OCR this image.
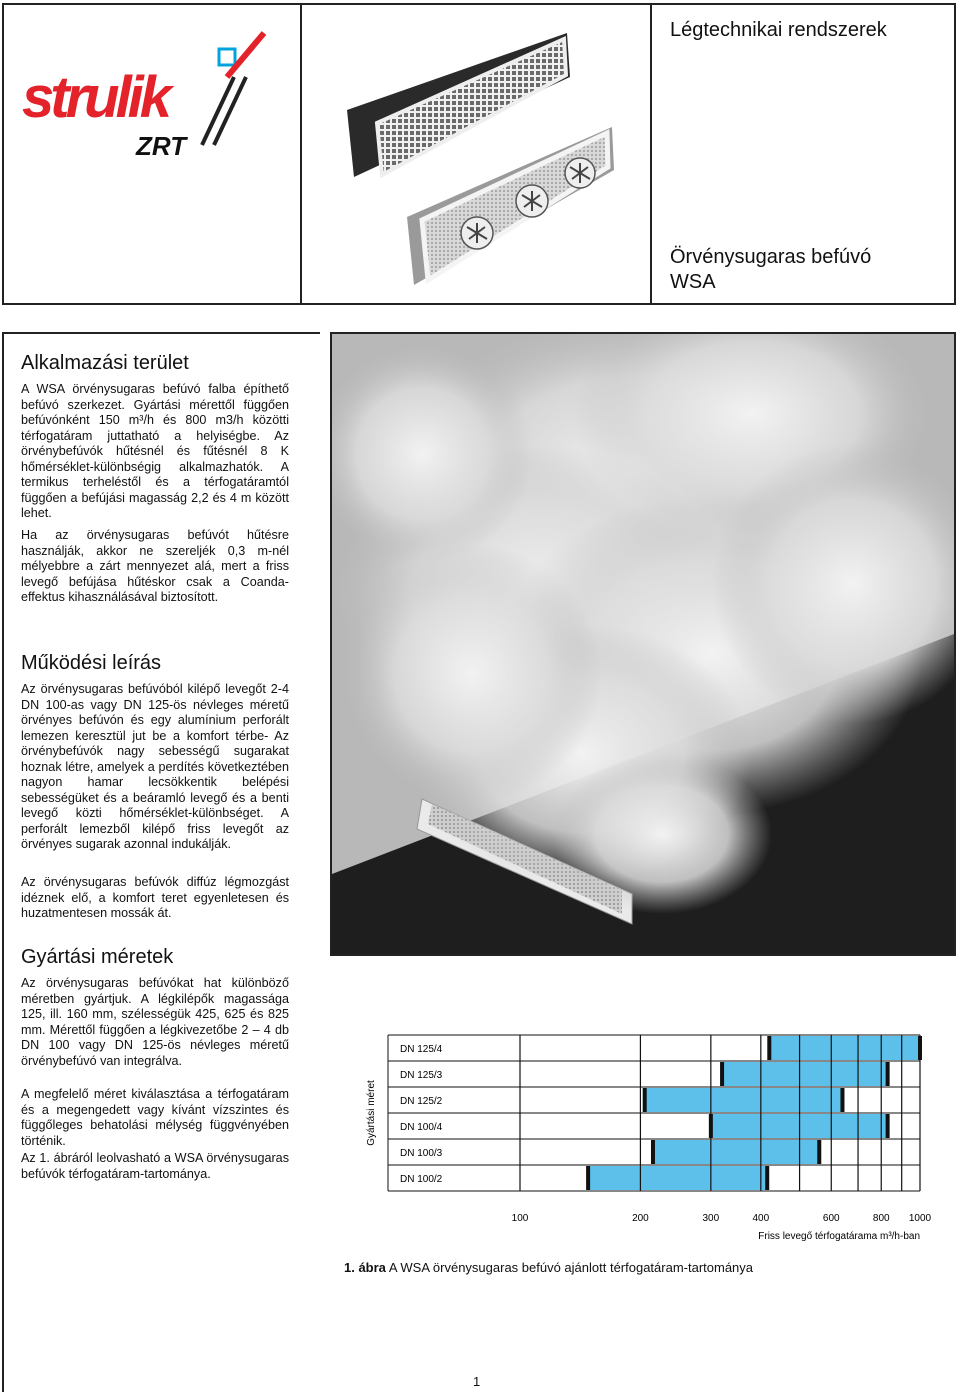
strulik
ZRT
Légtechnikai rendszerek
Örvénysugaras befúvó
WSA
Alkalmazási terület

A WSA örvénysugaras befúvó falba építhető befúvó szerkezet. Gyártási mérettől függően befúvónként 150 m³/h és 800 m3/h közötti térfogatáram juttatható a helyiségbe. Az örvénybefúvók hűtésnél és fűtésnél 8 K hőmérséklet-különbségig alkalmazhatók. A termikus terheléstől és a térfogatáramtól függően a befújási magasság 2,2 és 4 m között lehet.

Ha az örvénysugaras befúvót hűtésre használják, akkor ne szereljék 0,3 m-nél mélyebbre a zárt mennyezet alá, mert a friss levegő befújása hűtéskor csak a Coanda-effektus kihasználásával biztosított.

Működési leírás

Az örvénysugaras befúvóból kilépő levegőt 2-4 DN 100-as vagy DN 125-ös névleges méretű örvényes befúvón és egy alumínium perforált lemezen keresztül jut be a komfort térbe- Az örvénybefúvók nagy sebességű sugarakat hoznak létre, amelyek a perdítés következtében nagyon hamar lecsökkentik belépési sebességüket és a beáramló levegő és a benti levegő közti hőmérséklet-különbséget. A perforált lemezből kilépő friss levegőt az örvényes sugarak azonnal indukálják.

Az örvénysugaras befúvók diffúz légmozgást idéznek elő, a komfort teret egyenletesen és huzatmentesen mossák át.

Gyártási méretek

Az örvénysugaras befúvókat hat különböző méretben gyártjuk. A légkilépők magassága 125, ill. 160 mm, szélességük 425, 625 és 825 mm. Mérettől függően a légkivezetőbe 2 – 4 db DN 100 vagy DN 125-ös névleges méretű örvénybefúvó van integrálva.

A megfelelő méret kiválasztása a térfogatáram és a megengedett vagy kívánt vízszintes és függőleges behatolási mélység függvényében történik.

Az 1. ábráról leolvasható a WSA örvénysugaras befúvók térfogatáram-tartománya.

DN 125/4
DN 125/3
DN 125/2
DN 100/4
DN 100/3
DN 100/2
100	200	300	400	600	800 1000
Friss levegő térfogatárama m³/h-ban
Gyártási méret
1. ábra A WSA örvénysugaras befúvó ajánlott térfogatáram-tartománya
1
